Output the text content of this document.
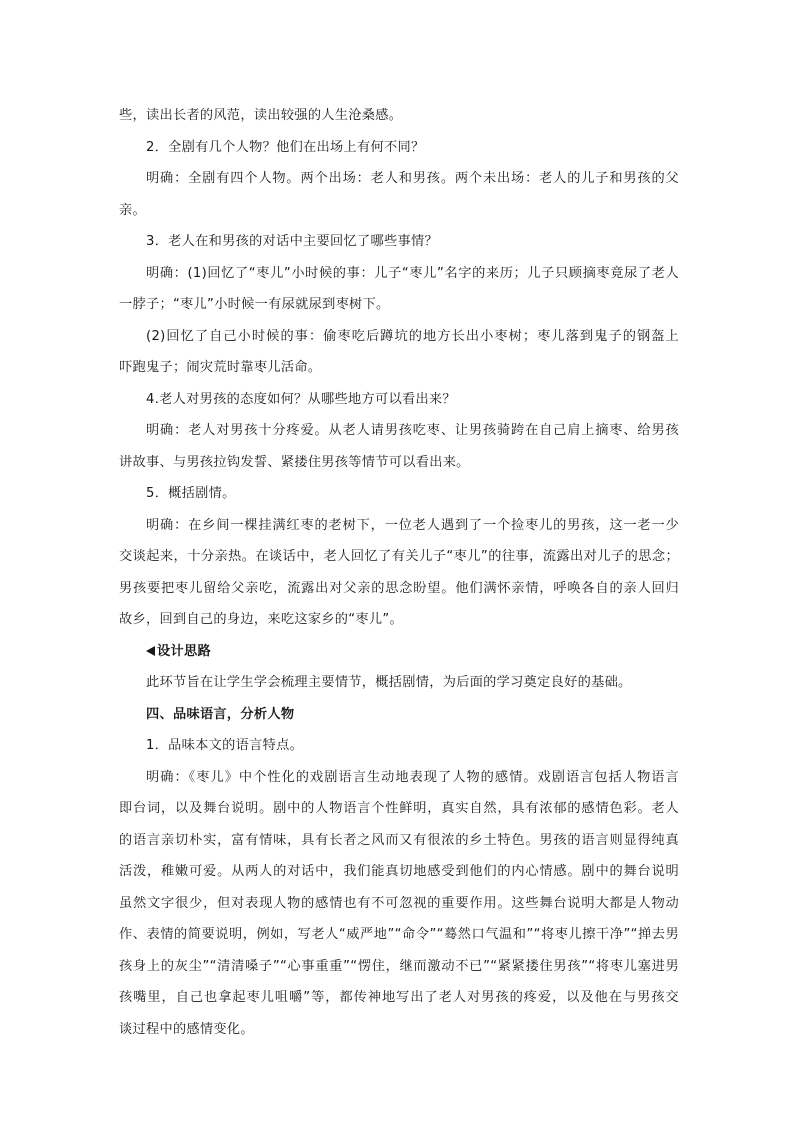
些，读出长者的风范，读出较强的人生沧桑感。
2．全剧有几个人物？他们在出场上有何不同？
明确：全剧有四个人物。两个出场：老人和男孩。两个未出场：老人的儿子和男孩的父
亲。
3．老人在和男孩的对话中主要回忆了哪些事情？
明确：(1)回忆了“枣儿”小时候的事：儿子“枣儿”名字的来历；儿子只顾摘枣竟尿了老人
一脖子；“枣儿”小时候一有尿就尿到枣树下。
(2)回忆了自己小时候的事：偷枣吃后蹲坑的地方长出小枣树；枣儿落到鬼子的钢盔上
吓跑鬼子；闹灾荒时靠枣儿活命。
4.老人对男孩的态度如何？从哪些地方可以看出来？
明确：老人对男孩十分疼爱。从老人请男孩吃枣、让男孩骑跨在自己肩上摘枣、给男孩
讲故事、与男孩拉钩发誓、紧搂住男孩等情节可以看出来。
5．概括剧情。
明确：在乡间一棵挂满红枣的老树下，一位老人遇到了一个捡枣儿的男孩，这一老一少
交谈起来，十分亲热。在谈话中，老人回忆了有关儿子“枣儿”的往事，流露出对儿子的思念；
男孩要把枣儿留给父亲吃，流露出对父亲的思念盼望。他们满怀亲情，呼唤各自的亲人回归
故乡，回到自己的身边，来吃这家乡的“枣儿”。
设计思路
此环节旨在让学生学会梳理主要情节，概括剧情，为后面的学习奠定良好的基础。
四、品味语言，分析人物
1．品味本文的语言特点。
明确：《枣儿》中个性化的戏剧语言生动地表现了人物的感情。戏剧语言包括人物语言
即台词，以及舞台说明。剧中的人物语言个性鲜明，真实自然，具有浓郁的感情色彩。老人
的语言亲切朴实，富有情味，具有长者之风而又有很浓的乡土特色。男孩的语言则显得纯真
活泼，稚嫩可爱。从两人的对话中，我们能真切地感受到他们的内心情感。剧中的舞台说明
虽然文字很少，但对表现人物的感情也有不可忽视的重要作用。这些舞台说明大都是人物动
作、表情的简要说明，例如，写老人“威严地”“命令”“蓦然口气温和”“将枣儿擦干净”“掸去男
孩身上的灰尘”“清清嗓子”“心事重重”“愣住，继而激动不已”“紧紧搂住男孩”“将枣儿塞进男
孩嘴里，自己也拿起枣儿咀嚼”等，都传神地写出了老人对男孩的疼爱，以及他在与男孩交
谈过程中的感情变化。
